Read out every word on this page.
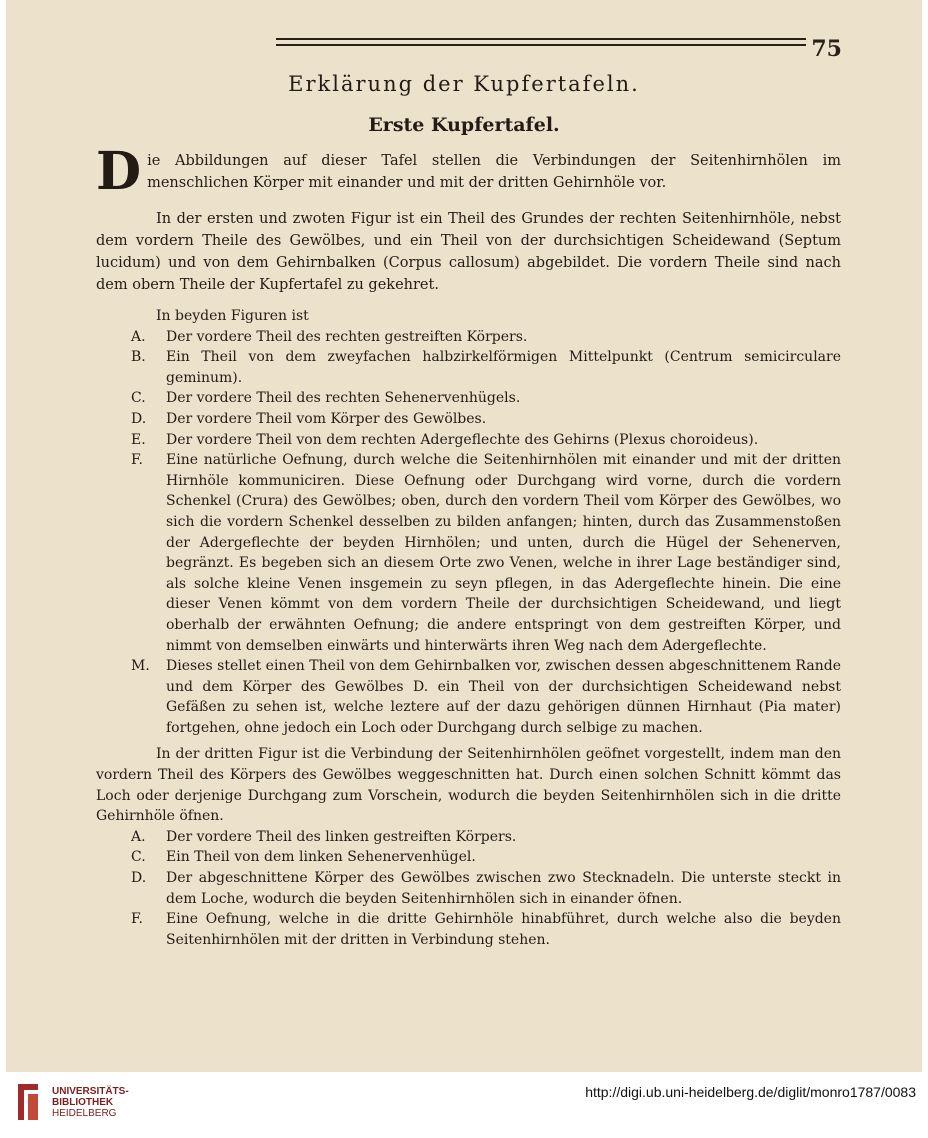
75
Erklärung der Kupfertafeln.
Erste Kupfertafel.

Die Abbildungen auf dieser Tafel stellen die Verbindungen der Seitenhirnhölen im menschlichen Körper mit einander und mit der dritten Gehirnhöle vor.

In der ersten und zwoten Figur ist ein Theil des Grundes der rechten Seitenhirnhöle, nebst dem vordern Theile des Gewölbes, und ein Theil von der durchsichtigen Scheidewand (Septum lucidum) und von dem Gehirnbalken (Corpus callosum) abgebildet. Die vordern Theile sind nach dem obern Theile der Kupfertafel zu gekehret.

In beyden Figuren ist

A. Der vordere Theil des rechten gestreiften Körpers.

B. Ein Theil von dem zweyfachen halbzirkelförmigen Mittelpunkt (Centrum semicirculare geminum).

C. Der vordere Theil des rechten Sehenervenhügels.

D. Der vordere Theil vom Körper des Gewölbes.

E. Der vordere Theil von dem rechten Adergeflechte des Gehirns (Plexus choroideus).

F. Eine natürliche Oefnung, durch welche die Seitenhirnhölen mit einander und mit der dritten Hirnhöle kommuniciren. Diese Oefnung oder Durchgang wird vorne, durch die vordern Schenkel (Crura) des Gewölbes; oben, durch den vordern Theil vom Körper des Gewölbes, wo sich die vordern Schenkel desselben zu bilden anfangen; hinten, durch das Zusammenstoßen der Adergeflechte der beyden Hirnhölen; und unten, durch die Hügel der Sehenerven, begränzt. Es begeben sich an diesem Orte zwo Venen, welche in ihrer Lage beständiger sind, als solche kleine Venen insgemein zu seyn pflegen, in das Adergeflechte hinein. Die eine dieser Venen kömmt von dem vordern Theile der durchsichtigen Scheidewand, und liegt oberhalb der erwähnten Oefnung; die andere entspringt von dem gestreiften Körper, und nimmt von demselben einwärts und hinterwärts ihren Weg nach dem Adergeflechte.

M. Dieses stellet einen Theil von dem Gehirnbalken vor, zwischen dessen abgeschnittenem Rande und dem Körper des Gewölbes D. ein Theil von der durchsichtigen Scheidewand nebst Gefäßen zu sehen ist, welche leztere auf der dazu gehörigen dünnen Hirnhaut (Pia mater) fortgehen, ohne jedoch ein Loch oder Durchgang durch selbige zu machen.

In der dritten Figur ist die Verbindung der Seitenhirnhölen geöfnet vorgestellt, indem man den vordern Theil des Körpers des Gewölbes weggeschnitten hat. Durch einen solchen Schnitt kömmt das Loch oder derjenige Durchgang zum Vorschein, wodurch die beyden Seitenhirnhölen sich in die dritte Gehirnhöle öfnen.

A. Der vordere Theil des linken gestreiften Körpers.

C. Ein Theil von dem linken Sehenervenhügel.

D. Der abgeschnittene Körper des Gewölbes zwischen zwo Stecknadeln. Die unterste steckt in dem Loche, wodurch die beyden Seitenhirnhölen sich in einander öfnen.

F. Eine Oefnung, welche in die dritte Gehirnhöle hinabführet, durch welche also die beyden Seitenhirnhölen mit der dritten in Verbindung stehen.

UNIVERSITÄTS-
BIBLIOTHEK
HEIDELBERG
http://digi.ub.uni-heidelberg.de/diglit/monro1787/0083
